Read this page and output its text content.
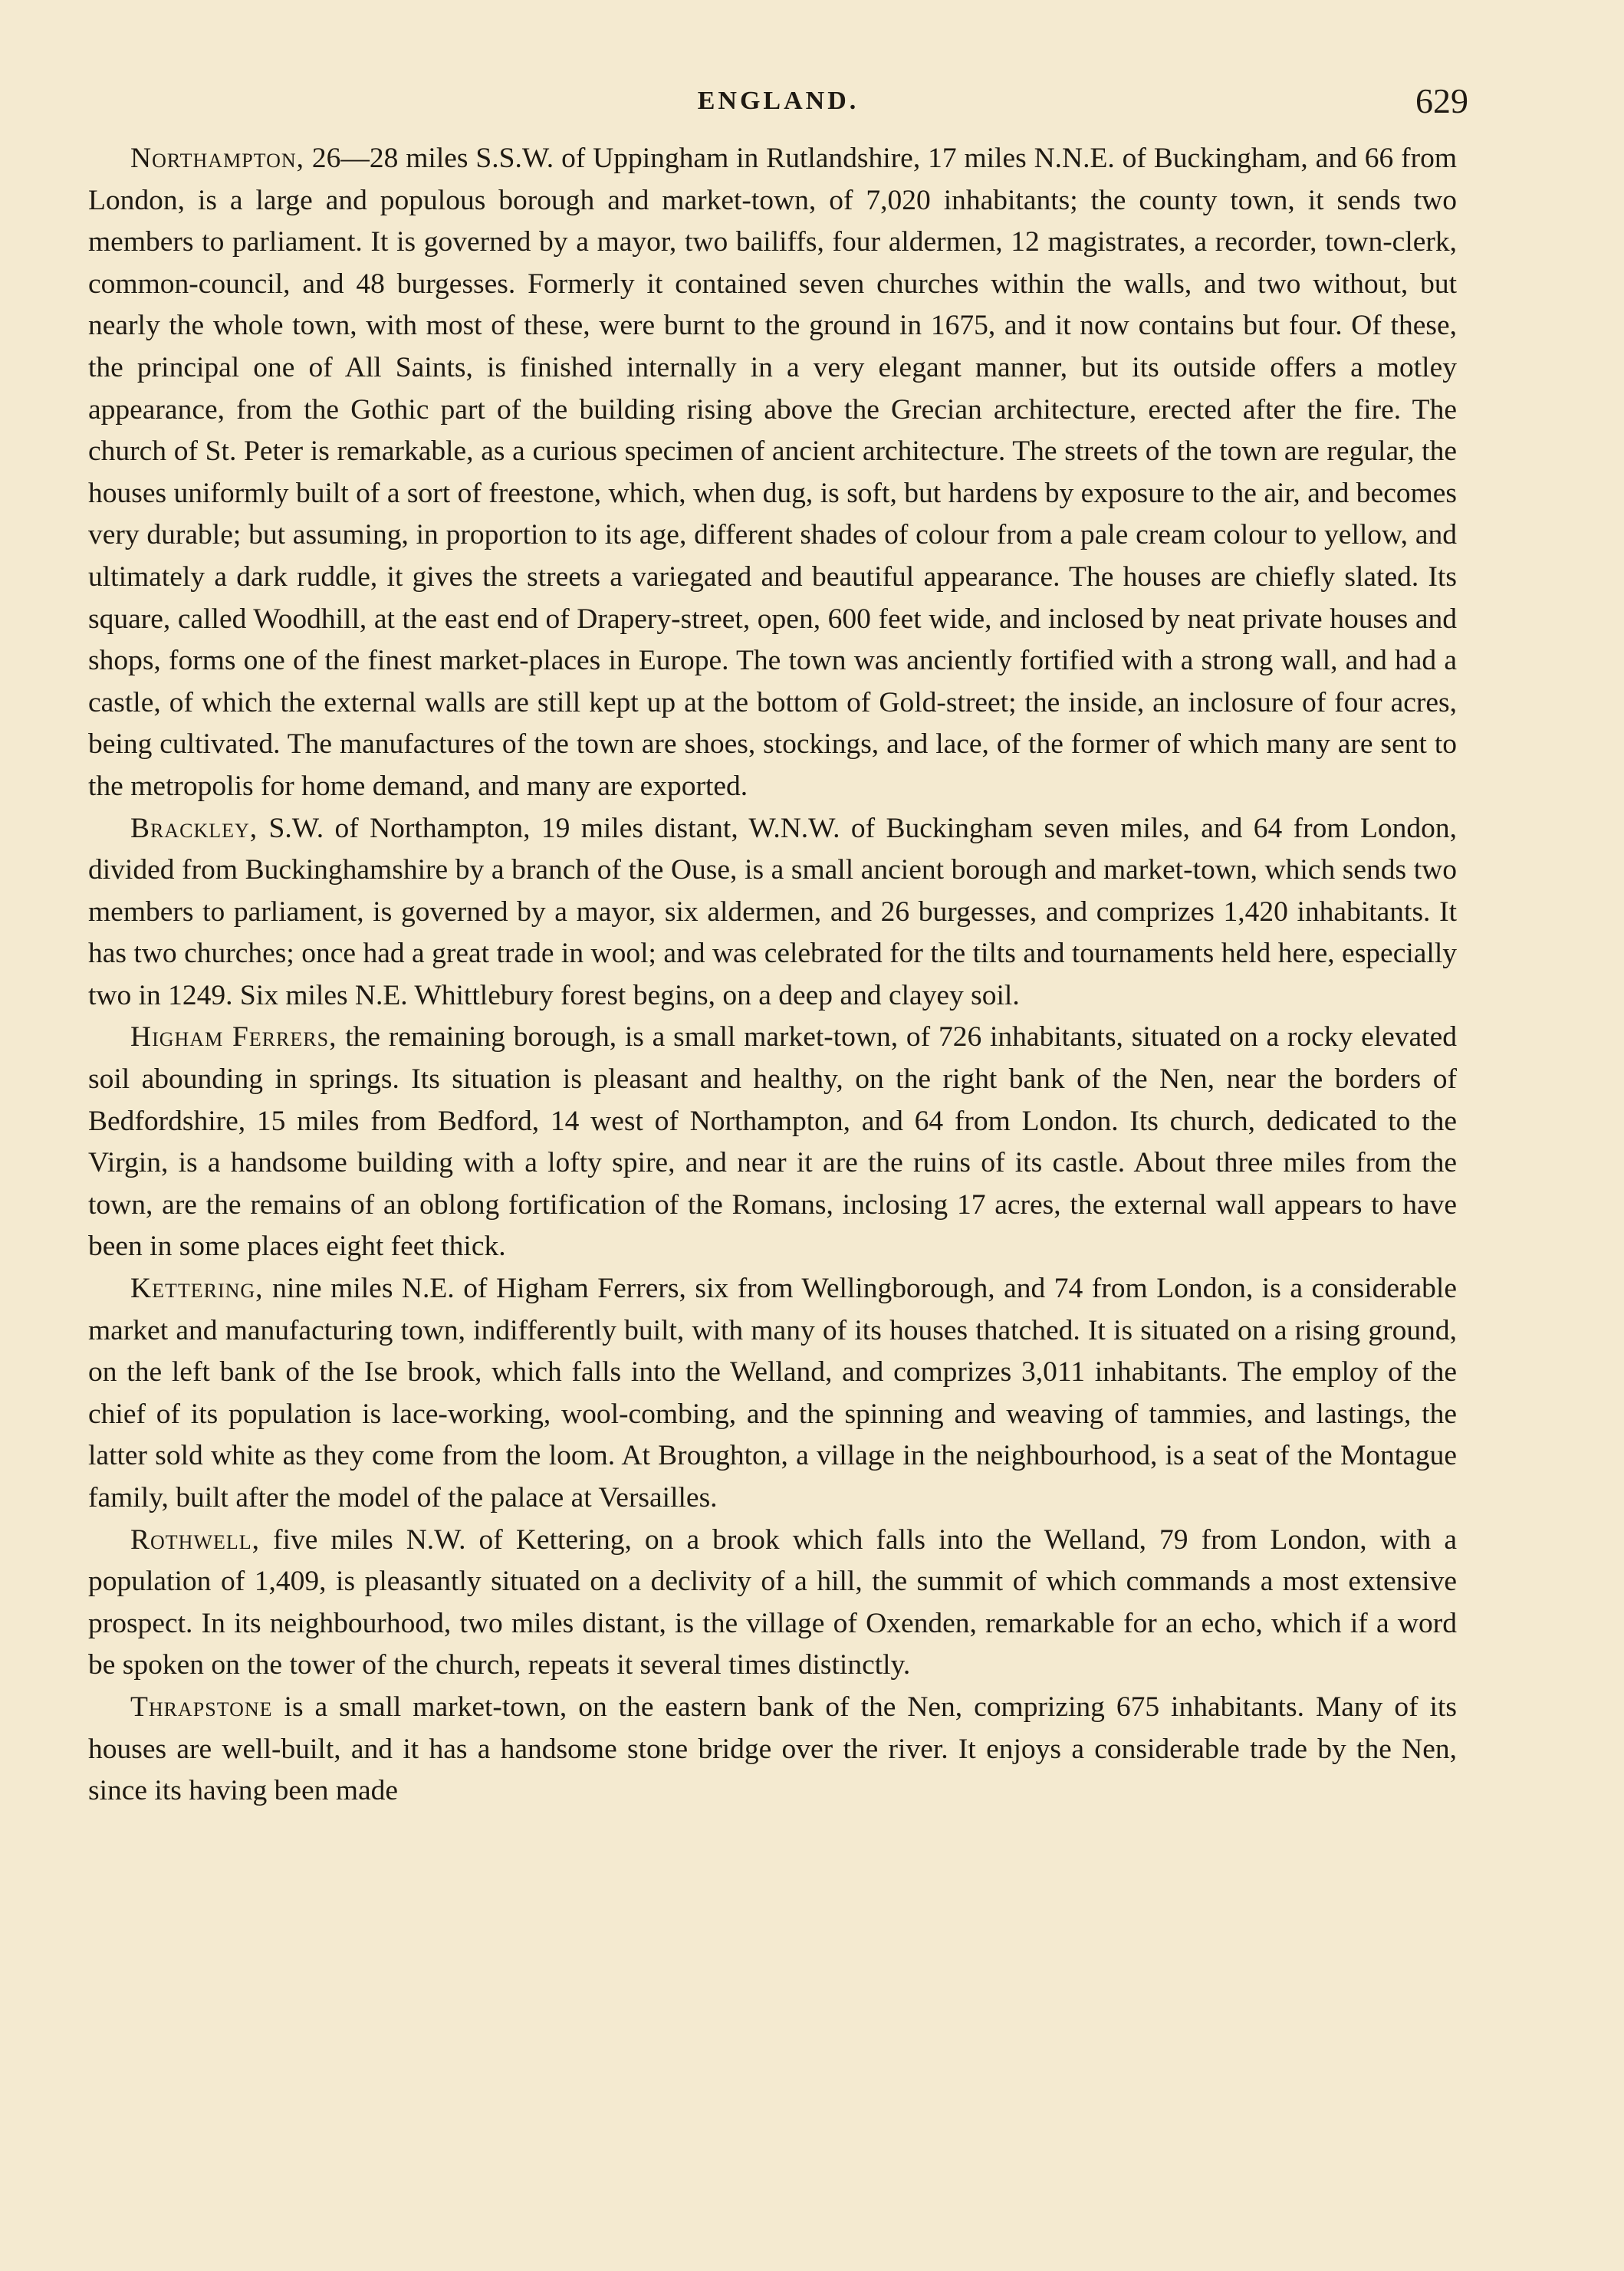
ENGLAND.	629

Northampton, 26—28 miles S.S.W. of Uppingham in Rutlandshire, 17 miles N.N.E. of Buckingham, and 66 from London, is a large and populous borough and market-town, of 7,020 inhabitants; the county town, it sends two members to parliament. It is governed by a mayor, two bailiffs, four aldermen, 12 magistrates, a recorder, town-clerk, common-council, and 48 burgesses. Formerly it contained seven churches within the walls, and two without, but nearly the whole town, with most of these, were burnt to the ground in 1675, and it now contains but four. Of these, the principal one of All Saints, is finished internally in a very elegant manner, but its outside offers a motley appearance, from the Gothic part of the building rising above the Grecian architecture, erected after the fire. The church of St. Peter is remarkable, as a curious specimen of ancient architecture. The streets of the town are regular, the houses uniformly built of a sort of freestone, which, when dug, is soft, but hardens by exposure to the air, and becomes very durable; but assuming, in proportion to its age, different shades of colour from a pale cream colour to yellow, and ultimately a dark ruddle, it gives the streets a variegated and beautiful appearance. The houses are chiefly slated. Its square, called Woodhill, at the east end of Drapery-street, open, 600 feet wide, and inclosed by neat private houses and shops, forms one of the finest market-places in Europe. The town was anciently fortified with a strong wall, and had a castle, of which the external walls are still kept up at the bottom of Gold-street; the inside, an inclosure of four acres, being cultivated. The manufactures of the town are shoes, stockings, and lace, of the former of which many are sent to the metropolis for home demand, and many are exported.

Brackley, S.W. of Northampton, 19 miles distant, W.N.W. of Buckingham seven miles, and 64 from London, divided from Buckinghamshire by a branch of the Ouse, is a small ancient borough and market-town, which sends two members to parliament, is governed by a mayor, six aldermen, and 26 burgesses, and comprizes 1,420 inhabitants. It has two churches; once had a great trade in wool; and was celebrated for the tilts and tournaments held here, especially two in 1249. Six miles N.E. Whittlebury forest begins, on a deep and clayey soil.

Higham Ferrers, the remaining borough, is a small market-town, of 726 inhabitants, situated on a rocky elevated soil abounding in springs. Its situation is pleasant and healthy, on the right bank of the Nen, near the borders of Bedfordshire, 15 miles from Bedford, 14 west of Northampton, and 64 from London. Its church, dedicated to the Virgin, is a handsome building with a lofty spire, and near it are the ruins of its castle. About three miles from the town, are the remains of an oblong fortification of the Romans, inclosing 17 acres, the external wall appears to have been in some places eight feet thick.

Kettering, nine miles N.E. of Higham Ferrers, six from Wellingborough, and 74 from London, is a considerable market and manufacturing town, indifferently built, with many of its houses thatched. It is situated on a rising ground, on the left bank of the Ise brook, which falls into the Welland, and comprizes 3,011 inhabitants. The employ of the chief of its population is lace-working, wool-combing, and the spinning and weaving of tammies, and lastings, the latter sold white as they come from the loom. At Broughton, a village in the neighbourhood, is a seat of the Montague family, built after the model of the palace at Versailles.

Rothwell, five miles N.W. of Kettering, on a brook which falls into the Welland, 79 from London, with a population of 1,409, is pleasantly situated on a declivity of a hill, the summit of which commands a most extensive prospect. In its neighbourhood, two miles distant, is the village of Oxenden, remarkable for an echo, which if a word be spoken on the tower of the church, repeats it several times distinctly.

Thrapstone is a small market-town, on the eastern bank of the Nen, comprizing 675 inhabitants. Many of its houses are well-built, and it has a handsome stone bridge over the river. It enjoys a considerable trade by the Nen, since its having been made
